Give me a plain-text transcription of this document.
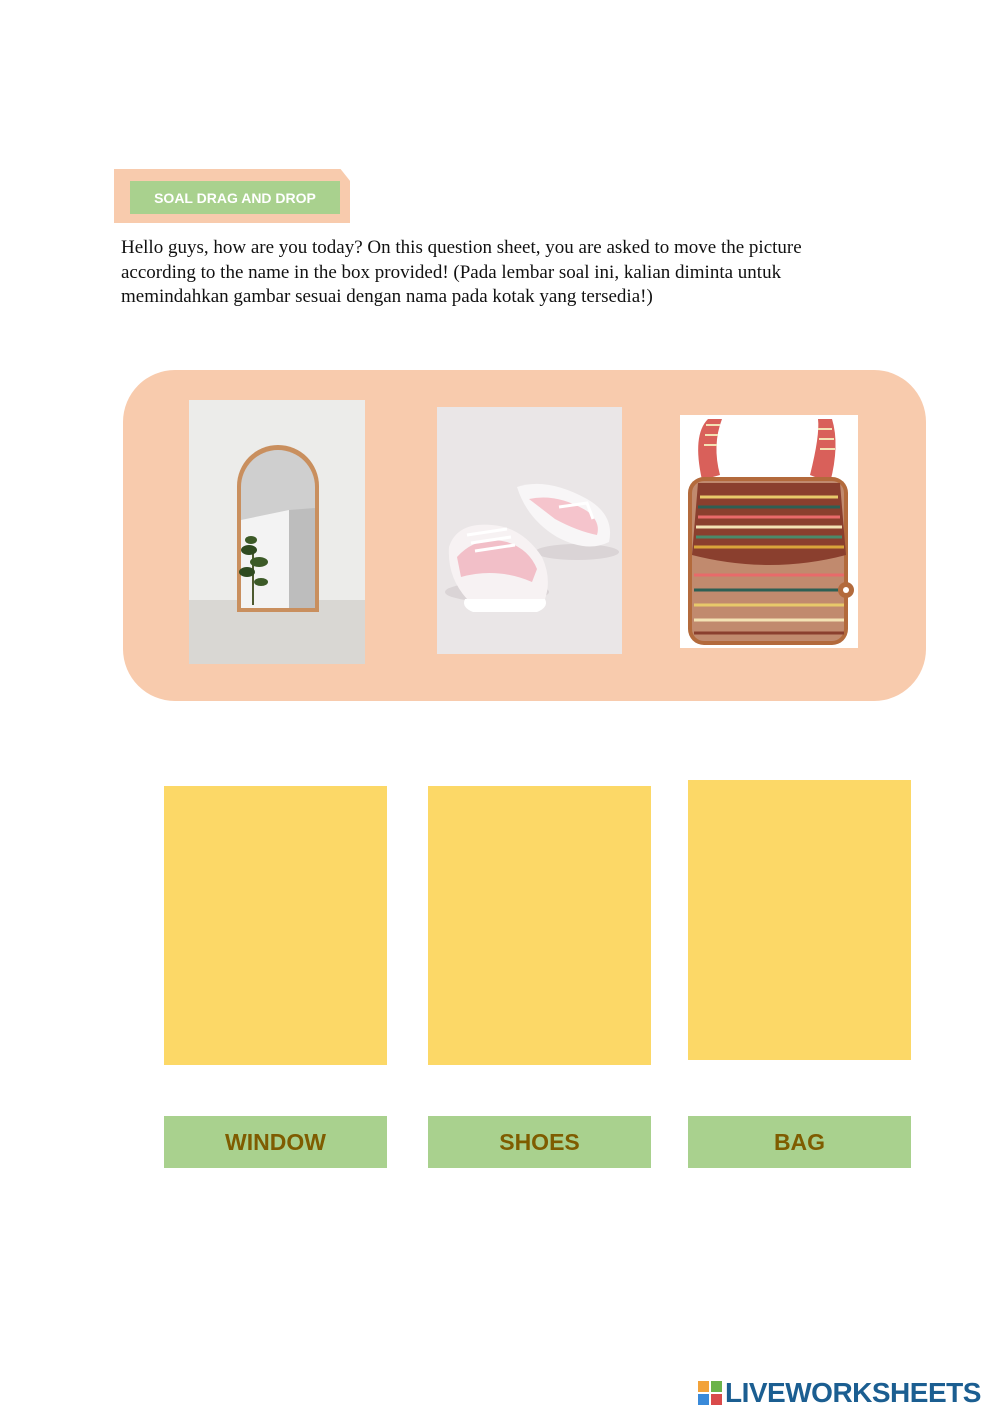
SOAL DRAG AND DROP

Hello guys, how are you today? On this question sheet, you are asked to move the picture
according to the name in the box provided! (Pada lembar soal ini, kalian diminta untuk
memindahkan gambar sesuai dengan nama pada kotak yang tersedia!)

WINDOW	SHOES	BAG
LIVEWORKSHEETS
